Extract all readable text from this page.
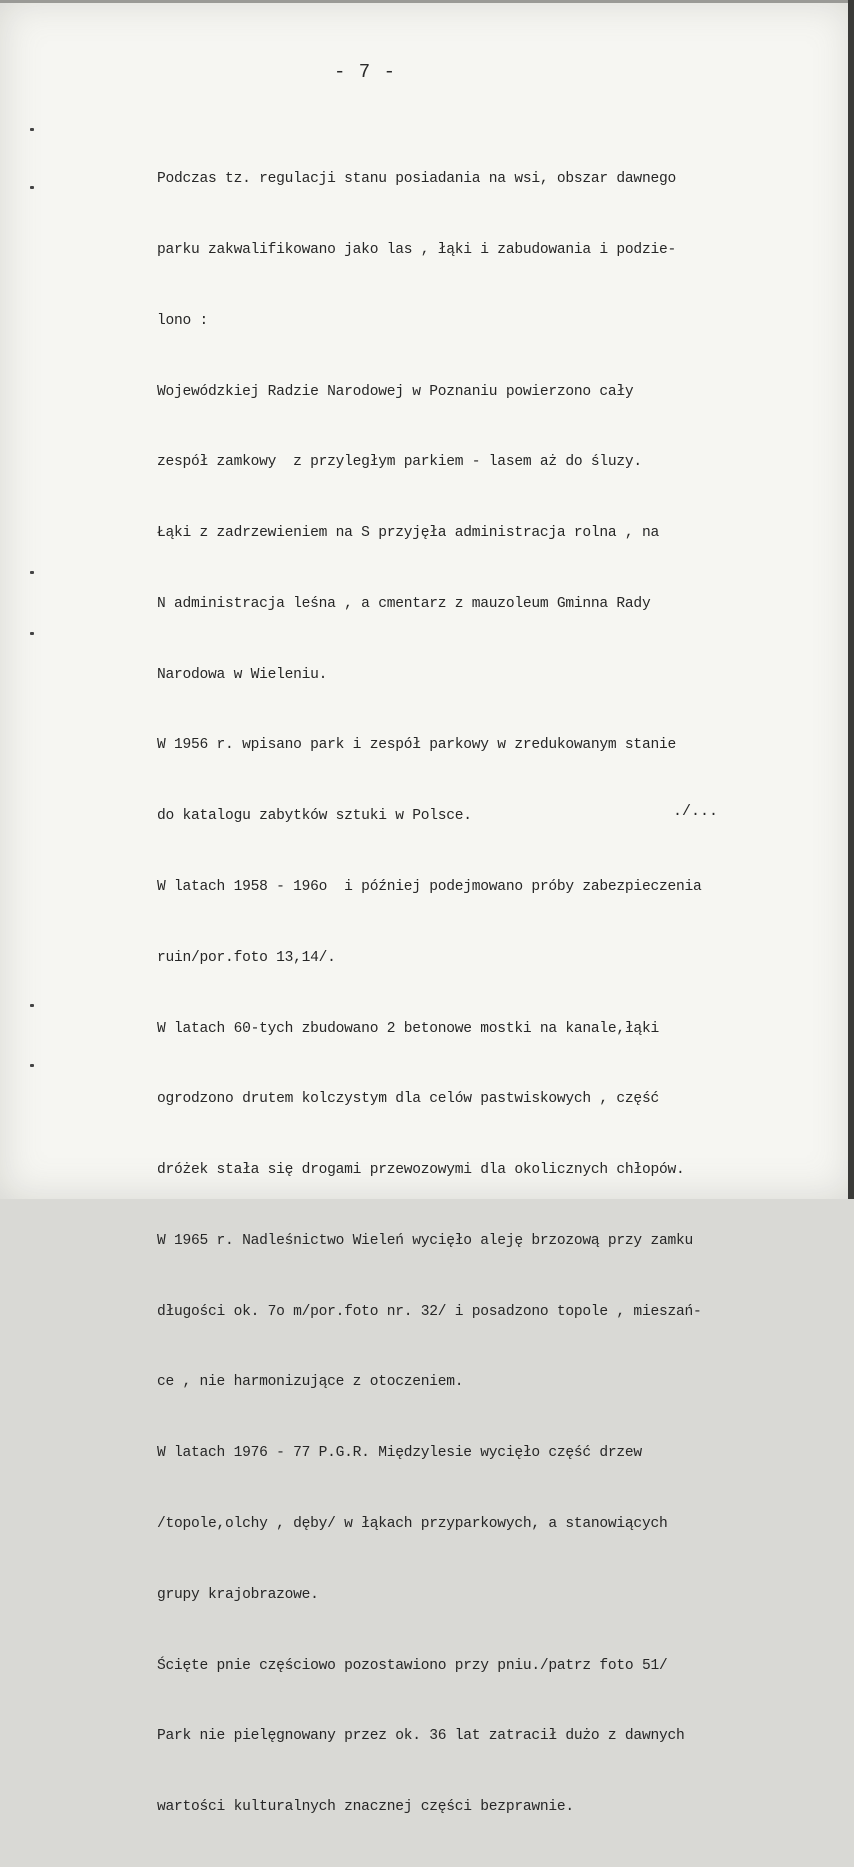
- 7 -

Podczas tz. regulacji stanu posiadania na wsi, obszar dawnego

parku zakwalifikowano jako las , łąki i zabudowania i podzie-

lono :

Wojewódzkiej Radzie Narodowej w Poznaniu powierzono cały

zespół zamkowy  z przyległym parkiem - lasem aż do śluzy.

Łąki z zadrzewieniem na S przyjęła administracja rolna , na

N administracja leśna , a cmentarz z mauzoleum Gminna Rady

Narodowa w Wieleniu.

W 1956 r. wpisano park i zespół parkowy w zredukowanym stanie

do katalogu zabytków sztuki w Polsce.

W latach 1958 - 196o  i później podejmowano próby zabezpieczenia

ruin/por.foto 13,14/.

W latach 60-tych zbudowano 2 betonowe mostki na kanale,łąki

ogrodzono drutem kolczystym dla celów pastwiskowych , część

dróżek stała się drogami przewozowymi dla okolicznych chłopów.

W 1965 r. Nadleśnictwo Wieleń wycięło aleję brzozową przy zamku

długości ok. 7o m/por.foto nr. 32/ i posadzono topole , mieszań-

ce , nie harmonizujące z otoczeniem.

W latach 1976 - 77 P.G.R. Międzylesie wycięło część drzew

/topole,olchy , dęby/ w łąkach przyparkowych, a stanowiących

grupy krajobrazowe.

Ścięte pnie częściowo pozostawiono przy pniu./patrz foto 51/

Park nie pielęgnowany przez ok. 36 lat zatracił dużo z dawnych

wartości kulturalnych znacznej części bezprawnie.

./...
